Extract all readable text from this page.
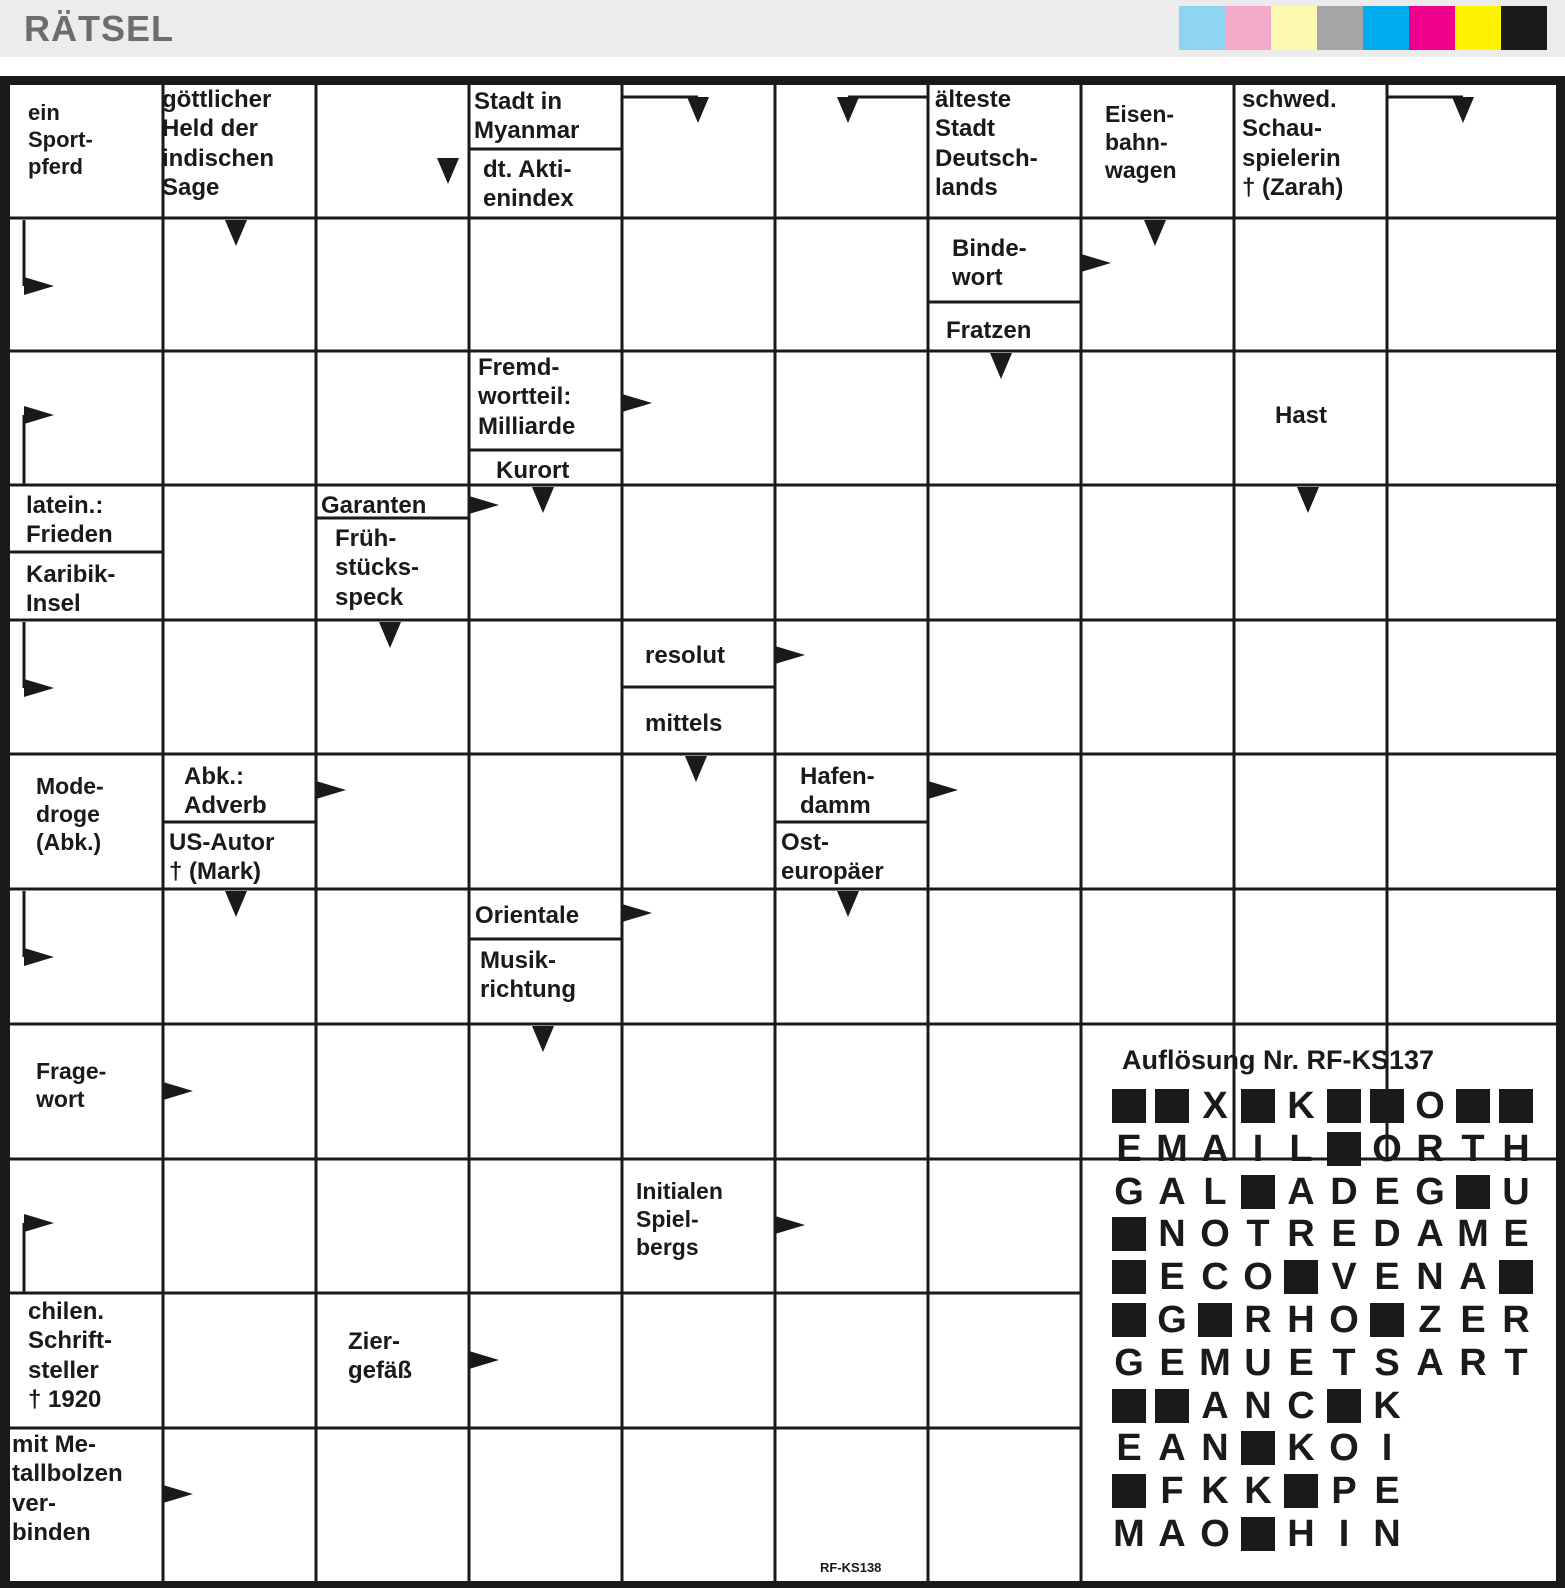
RÄTSEL
ein
Sport-
pferd
göttlicher
Held der
indischen
Sage
Stadt in
Myanmar
dt. Akti-
enindex
älteste
Stadt
Deutsch-
lands
Eisen-
bahn-
wagen
schwed.
Schau-
spielerin
† (Zarah)
Binde-
wort
Fratzen
Fremd-
wortteil:
Milliarde
Kurort
Hast
latein.:
Frieden
Karibik-
Insel
Garanten
Früh-
stücks-
speck
resolut
mittels
Mode-
droge
(Abk.)
Abk.:
Adverb
US-Autor
† (Mark)
Hafen-
damm
Ost-
europäer
Orientale
Musik-
richtung
Frage-
wort
Initialen
Spiel-
bergs
chilen.
Schrift-
steller
† 1920
Zier-
gefäß
mit Me-
tallbolzen
ver-
binden
Auflösung Nr. RF-KS137
X K	O
E M A I L O R T H
G A L A D E G U
N O T R E D A M E
E C O V E N A
G R H O Z E R
G E M U E T S A R T
A N C K
E A N K O I
F K K P E
M A O H I N
RF-KS138
